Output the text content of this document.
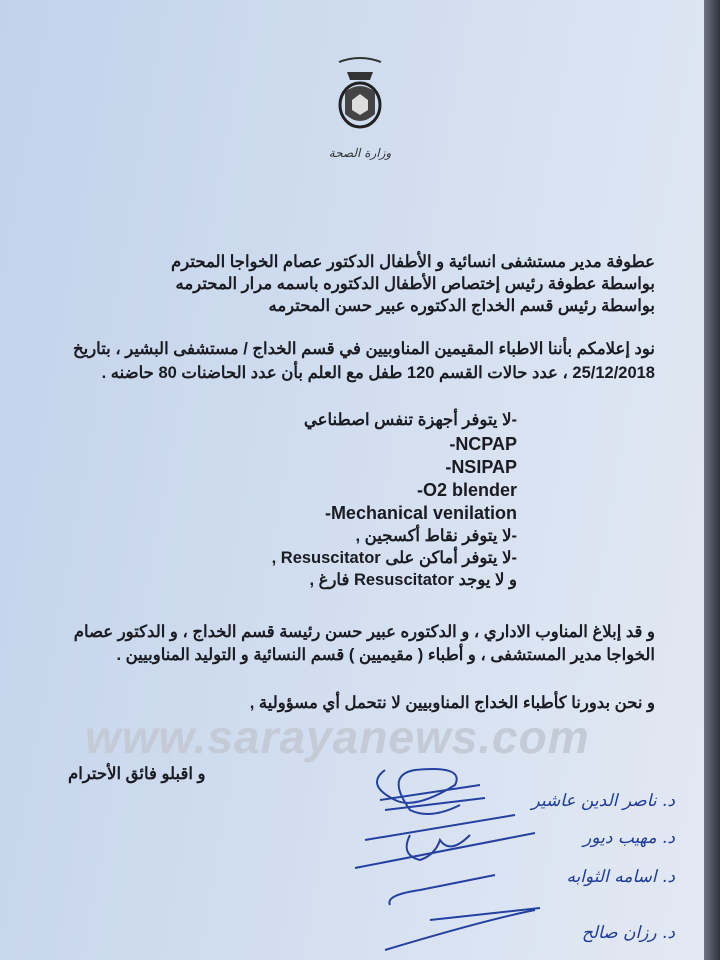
وزارة الصحة
عطوفة مدير مستشفى انسائية و الأطفال الدكتور عصام الخواجا المحترم
بواسطة عطوفة رئيس إختصاص الأطفال الدكتوره باسمه مرار المحترمه
بواسطة رئيس قسم الخداج الدكتوره عبير حسن المحترمه
نود إعلامكم بأننا الاطباء المقيمين المناوبيين في قسم الخداج / مستشفى البشير ، بتاريخ
25/12/2018 ، عدد حالات القسم 120 طفل مع العلم بأن عدد الحاضنات 80 حاضنه .
-لا يتوفر أجهزة تنفس اصطناعي
NCPAP-
NSIPAP-
O2 blender-
Mechanical venilation-
-لا يتوفر نقاط أكسجين ,
-لا يتوفر أماكن على Resuscitator ,
و لا يوجد Resuscitator فارغ ,
و قد إبلاغ المناوب الاداري ، و الدكتوره عبير حسن رئيسة قسم الخداج ، و الدكتور عصام
الخواجا مدير المستشفى ، و أطباء ( مقيميين ) قسم النسائية و التوليد المناوبيين .
و نحن بدورنا كأطباء الخداج المناوبيين لا نتحمل أي مسؤولية ,
www.sarayanews.com
و اقبلو فائق الأحترام
د. ناصر الدين عاشير
د. مهيب ديور
د. اسامه الثوابه
د. رزان صالح
